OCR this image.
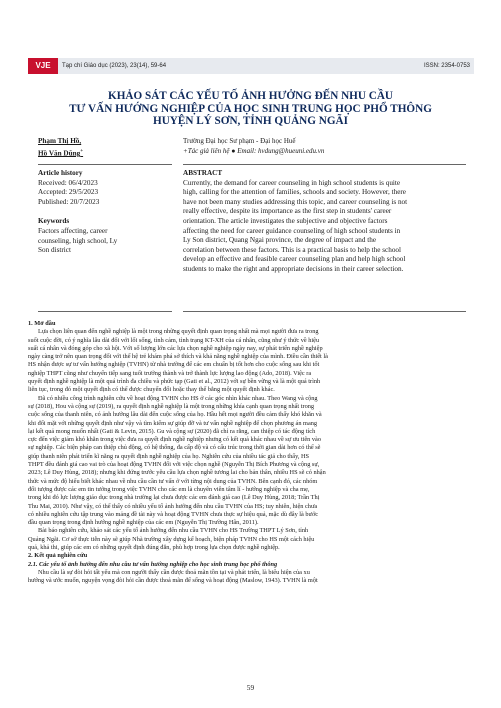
VJE	Tạp chí Giáo dục (2023), 23(14), 59-64	ISSN: 2354-0753
KHẢO SÁT CÁC YẾU TỐ ẢNH HƯỞNG ĐẾN NHU CẦU
TƯ VẤN HƯỚNG NGHIỆP CỦA HỌC SINH TRUNG HỌC PHỔ THÔNG
HUYỆN LÝ SƠN, TỈNH QUẢNG NGÃI
Phạm Thị Hồ,
Hồ Văn Dũng+
Trường Đại học Sư phạm - Đại học Huế
+Tác giả liên hệ ● Email: hvdung@hueuni.edu.vn
Article history
Received: 06/4/2023
Accepted: 29/5/2023
Published: 20/7/2023
Keywords
Factors affecting, career
counseling, high school, Ly
Son district
ABSTRACT
Currently, the demand for career counseling in high school students is quite
high, calling for the attention of families, schools and society. However, there
have not been many studies addressing this topic, and career counseling is not
really effective, despite its importance as the first step in students' career
orientation. The article investigates the subjective and objective factors
affecting the need for career guidance counseling of high school students in
Ly Son district, Quang Ngai province, the degree of impact and the
correlation between these factors. This is a practical basis to help the school
develop an effective and feasible career counseling plan and help high school
students to make the right and appropriate decisions in their career selection.
1. Mở đầu
Lựa chọn liên quan đến nghề nghiệp là một trong những quyết định quan trọng nhất mà mọi người đưa ra trong
suốt cuộc đời, có ý nghĩa lâu dài đối với lối sống, tình cảm, tình trạng KT-XH của cá nhân, cũng như ý thức về hiệu
suất cá nhân và đóng góp cho xã hội. Với số lượng lớn các lựa chọn nghề nghiệp ngày nay, sự phát triển nghề nghiệp
ngày càng trở nên quan trọng đối với thế hệ trẻ khám phá sở thích và khả năng nghề nghiệp của mình. Điều cần thiết là
HS nhận được sự tư vấn hướng nghiệp (TVHN) từ nhà trường để các em chuẩn bị tốt hơn cho cuộc sống sau khi tốt
nghiệp THPT cũng như chuyển tiếp sang tuổi trưởng thành và trở thành lực lượng lao động (Ado, 2018). Việc ra
quyết định nghề nghiệp là một quá trình đa chiều và phức tạp (Gati et al., 2012) với sự bền vững và là một quá trình
liên tục, trong đó một quyết định có thể được chuyển đổi hoặc thay thế bằng một quyết định khác.
Đã có nhiều công trình nghiên cứu về hoạt động TVHN cho HS ở các góc nhìn khác nhau. Theo Wang và cộng
sự (2018), Hou và cộng sự (2019), ra quyết định nghề nghiệp là một trong những khía cạnh quan trọng nhất trong
cuộc sống của thanh niên, có ảnh hưởng lâu dài đến cuộc sống của họ. Hầu hết mọi người đều cảm thấy khó khăn và
khi đối mặt với những quyết định như vậy và tìm kiếm sự giúp đỡ và tư vấn nghề nghiệp để chọn phương án mang
lại kết quả mong muốn nhất (Gati & Levin, 2015). Gu và cộng sự (2020) đã chỉ ra rằng, can thiệp có tác động tích
cực đến việc giảm khó khăn trong việc đưa ra quyết định nghề nghiệp nhưng có kết quả khác nhau về sự ưu tiên vào
sự nghiệp. Các biện pháp can thiệp chủ động, có hệ thống, đa cấp độ và có cấu trúc trong thời gian dài hơn có thể sẽ
giúp thanh niên phát triển kĩ năng ra quyết định nghề nghiệp của họ. Nghiên cứu của nhiều tác giả cho thấy, HS
THPT đều đánh giá cao vai trò của hoạt động TVHN đối với việc chọn nghề (Nguyễn Thị Bích Phương và cộng sự,
2023; Lê Duy Hùng, 2018); nhưng khi đứng trước yêu cầu lựa chọn nghề tương lai cho bản thân, nhiều HS sẽ có nhận
thức và mức độ hiểu biết khác nhau về nhu cầu cần tư vấn ở với từng nội dung của TVHN. Bên cạnh đó, các nhóm
đối tượng được các em tin tưởng trong việc TVHN cho các em là chuyên viên tâm lí - hướng nghiệp và cha mẹ,
trong khi đó lực lượng giáo dục trong nhà trường lại chưa được các em đánh giá cao (Lê Duy Hùng, 2018; Trần Thị
Thu Mai, 2010). Như vậy, có thể thấy có nhiều yếu tố ảnh hưởng đến nhu cầu TVHN của HS; tuy nhiên, hiện chưa
có nhiều nghiên cứu tập trung vào mảng đề tài này và hoạt động TVHN chưa thực sự hiệu quả, mặc dù đây là bước
đầu quan trọng trong định hướng nghề nghiệp của các em (Nguyễn Thị Trường Hân, 2011).
Bài báo nghiên cứu, khảo sát các yếu tố ảnh hưởng đến nhu cầu TVHN cho HS Trường THPT Lý Sơn, tỉnh
Quảng Ngãi. Cơ sở thực tiễn này sẽ giúp Nhà trường xây dựng kế hoạch, biện pháp TVHN cho HS một cách hiệu
quả, khả thi, giúp các em có những quyết định đúng đắn, phù hợp trong lựa chọn được nghề nghiệp.
2. Kết quả nghiên cứu
2.1. Các yếu tố ảnh hưởng đến nhu cầu tư vấn hướng nghiệp cho học sinh trung học phổ thông
Nhu cầu là sự đòi hỏi tất yếu mà con người thấy cần được thoả mãn tồn tại và phát triển, là biểu hiện của xu
hướng và ước muốn, nguyện vọng đòi hỏi cần được thoả mãn để sống và hoạt động (Maslow, 1943). TVHN là một
59
